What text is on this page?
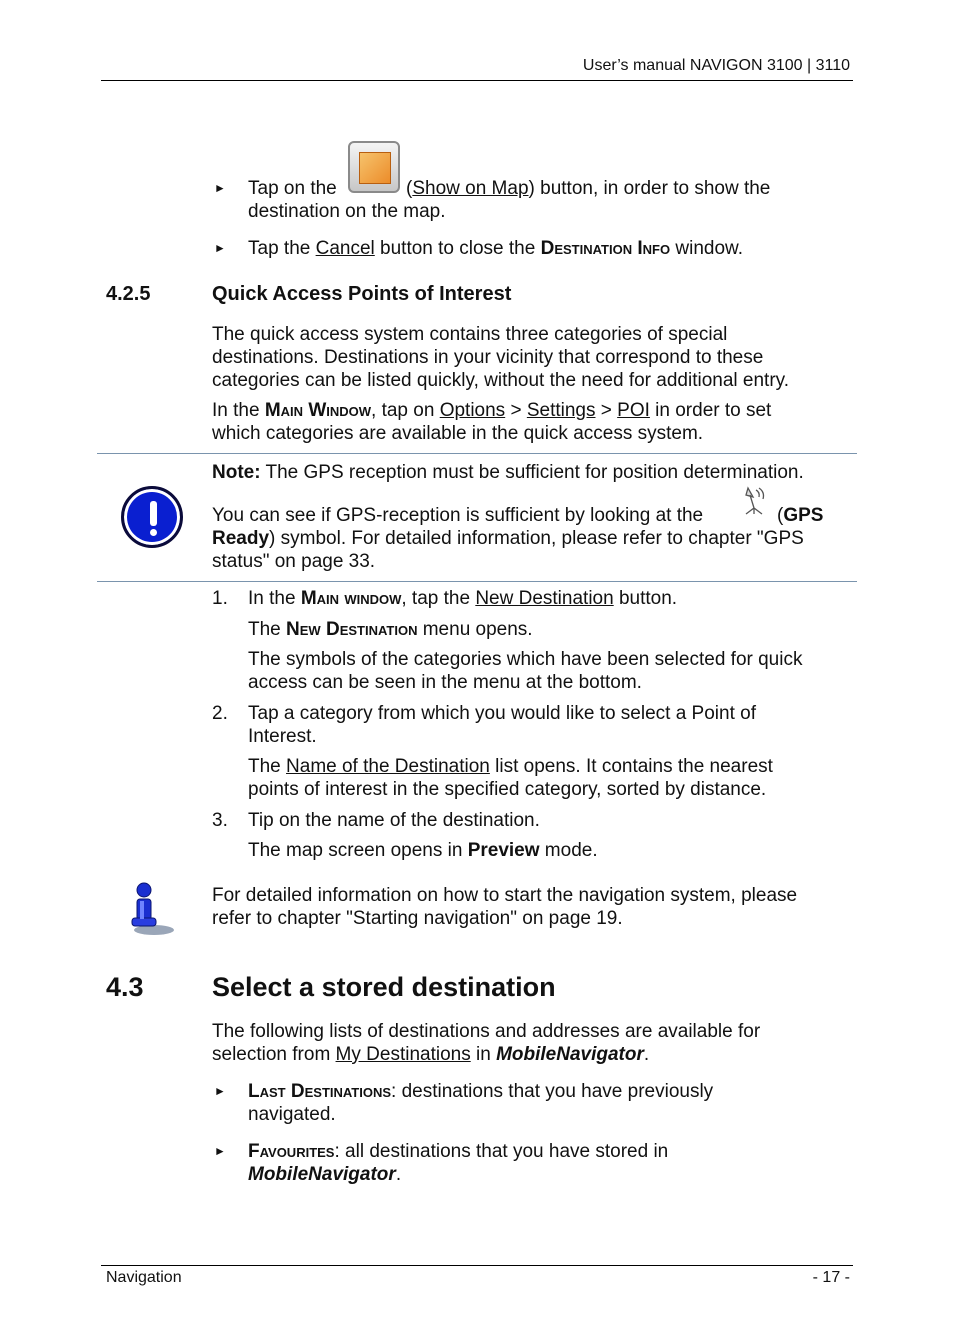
User’s manual NAVIGON 3100 | 3110
► Tap on the	(Show on Map) button, in order to show the
destination on the map.
► Tap the Cancel button to close the Destination Info window.
4.2.5	Quick Access Points of Interest
The quick access system contains three categories of special
destinations. Destinations in your vicinity that correspond to these
categories can be listed quickly, without the need for additional entry.
In the Main Window, tap on Options > Settings > POI in order to set
which categories are available in the quick access system.
Note: The GPS reception must be sufficient for position determination.
You can see if GPS-reception is sufficient by looking at the	(GPS
Ready) symbol. For detailed information, please refer to chapter "GPS
status" on page 33.
1. In the Main window, tap the New Destination button.
The New Destination menu opens.
The symbols of the categories which have been selected for quick
access can be seen in the menu at the bottom.
2. Tap a category from which you would like to select a Point of
Interest.
The Name of the Destination list opens. It contains the nearest
points of interest in the specified category, sorted by distance.
3. Tip on the name of the destination.
The map screen opens in Preview mode.
For detailed information on how to start the navigation system, please
refer to chapter "Starting navigation" on page 19.
4.3	Select a stored destination
The following lists of destinations and addresses are available for
selection from My Destinations in MobileNavigator.
► Last Destinations: destinations that you have previously
navigated.
► Favourites: all destinations that you have stored in
MobileNavigator.
Navigation	- 17 -
